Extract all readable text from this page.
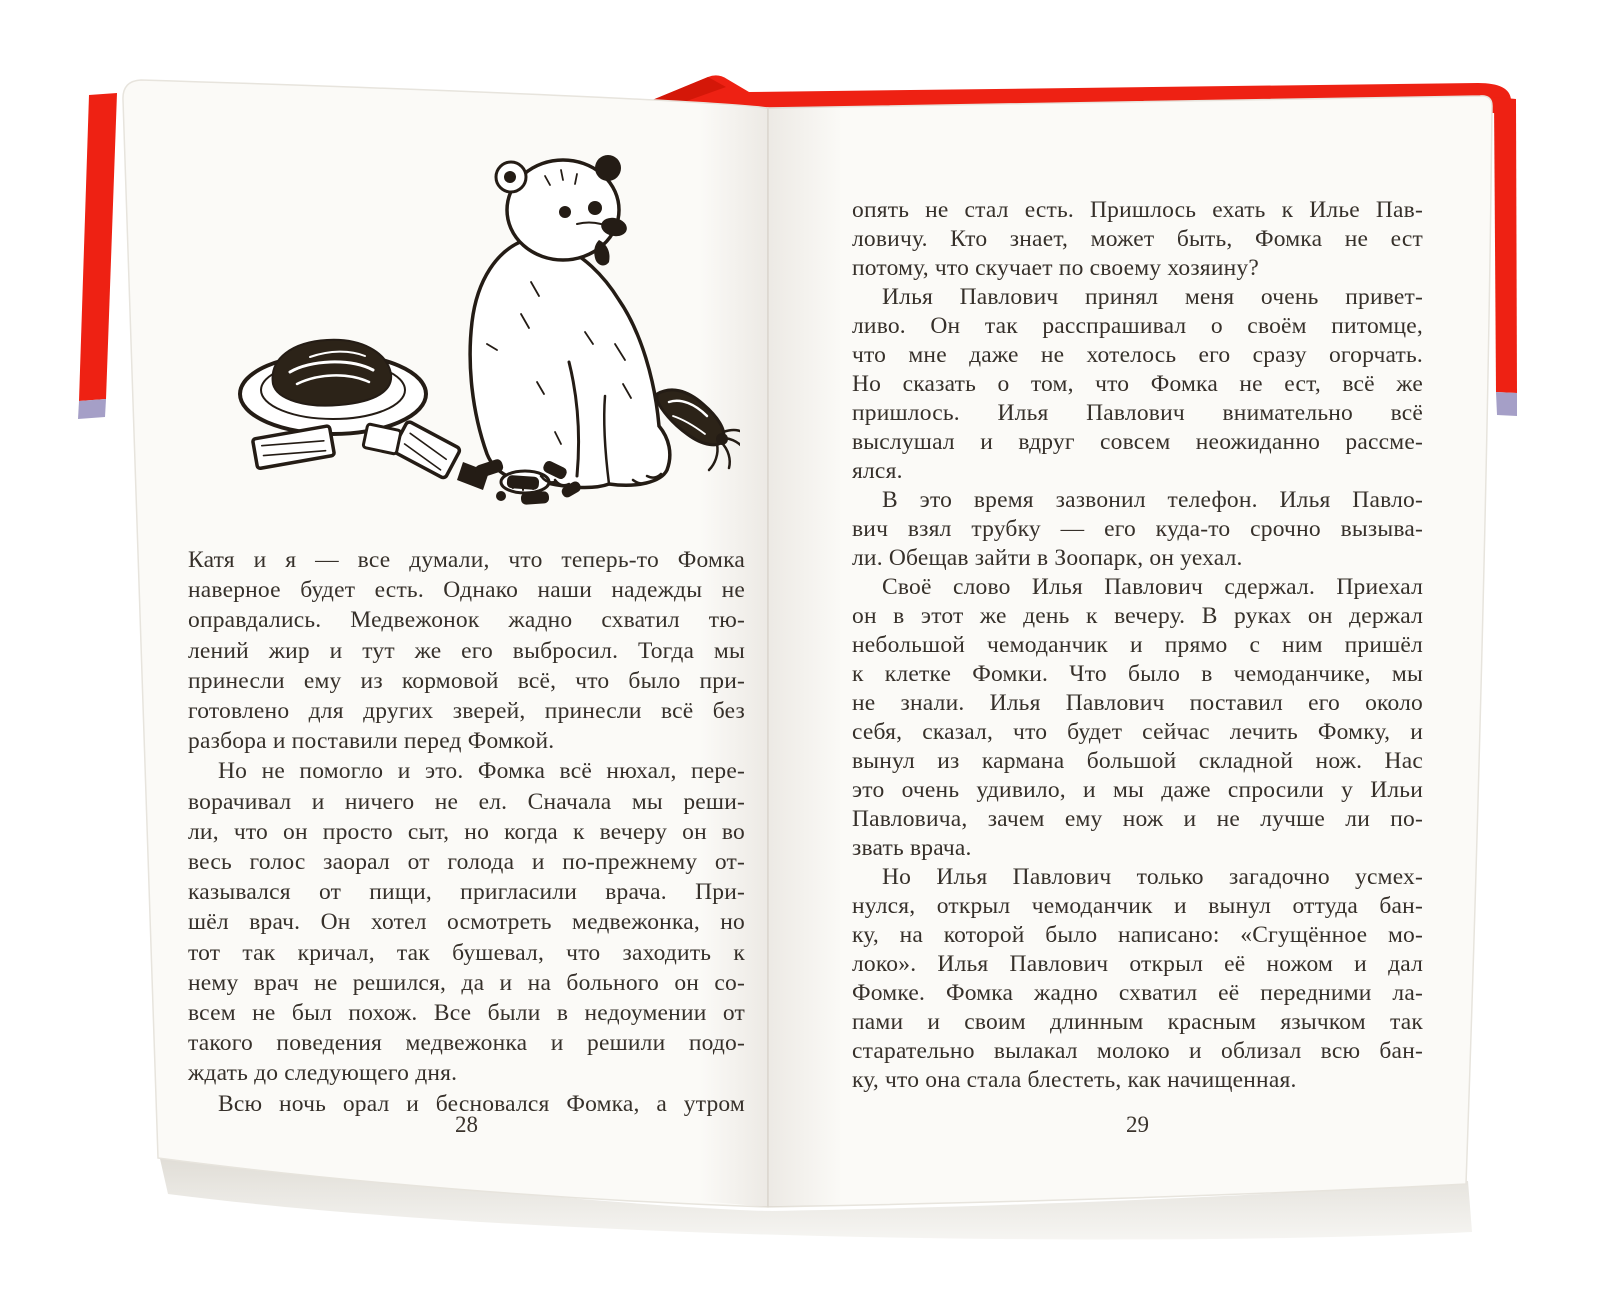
Катя и я — все думали, что теперь-то Фомка
наверное будет есть. Однако наши надежды не
оправдались. Медвежонок жадно схватил тю-
лений жир и тут же его выбросил. Тогда мы
принесли ему из кормовой всё, что было при-
готовлено для других зверей, принесли всё без
разбора и поставили перед Фомкой.
Но не помогло и это. Фомка всё нюхал, пере-
ворачивал и ничего не ел. Сначала мы реши-
ли, что он просто сыт, но когда к вечеру он во
весь голос заорал от голода и по-прежнему от-
казывался от пищи, пригласили врача. При-
шёл врач. Он хотел осмотреть медвежонка, но
тот так кричал, так бушевал, что заходить к
нему врач не решился, да и на больного он со-
всем не был похож. Все были в недоумении от
такого поведения медвежонка и решили подо-
ждать до следующего дня.
Всю ночь орал и бесновался Фомка, а утром
опять не стал есть. Пришлось ехать к Илье Пав-
ловичу. Кто знает, может быть, Фомка не ест
потому, что скучает по своему хозяину?
Илья Павлович принял меня очень привет-
ливо. Он так расспрашивал о своём питомце,
что мне даже не хотелось его сразу огорчать.
Но сказать о том, что Фомка не ест, всё же
пришлось. Илья Павлович внимательно всё
выслушал и вдруг совсем неожиданно рассме-
ялся.
В это время зазвонил телефон. Илья Павло-
вич взял трубку — его куда-то срочно вызыва-
ли. Обещав зайти в Зоопарк, он уехал.
Своё слово Илья Павлович сдержал. Приехал
он в этот же день к вечеру. В руках он держал
небольшой чемоданчик и прямо с ним пришёл
к клетке Фомки. Что было в чемоданчике, мы
не знали. Илья Павлович поставил его около
себя, сказал, что будет сейчас лечить Фомку, и
вынул из кармана большой складной нож. Нас
это очень удивило, и мы даже спросили у Ильи
Павловича, зачем ему нож и не лучше ли по-
звать врача.
Но Илья Павлович только загадочно усмех-
нулся, открыл чемоданчик и вынул оттуда бан-
ку, на которой было написано: «Сгущённое мо-
локо». Илья Павлович открыл её ножом и дал
Фомке. Фомка жадно схватил её передними ла-
пами и своим длинным красным язычком так
старательно вылакал молоко и облизал всю бан-
ку, что она стала блестеть, как начищенная.
28	29
